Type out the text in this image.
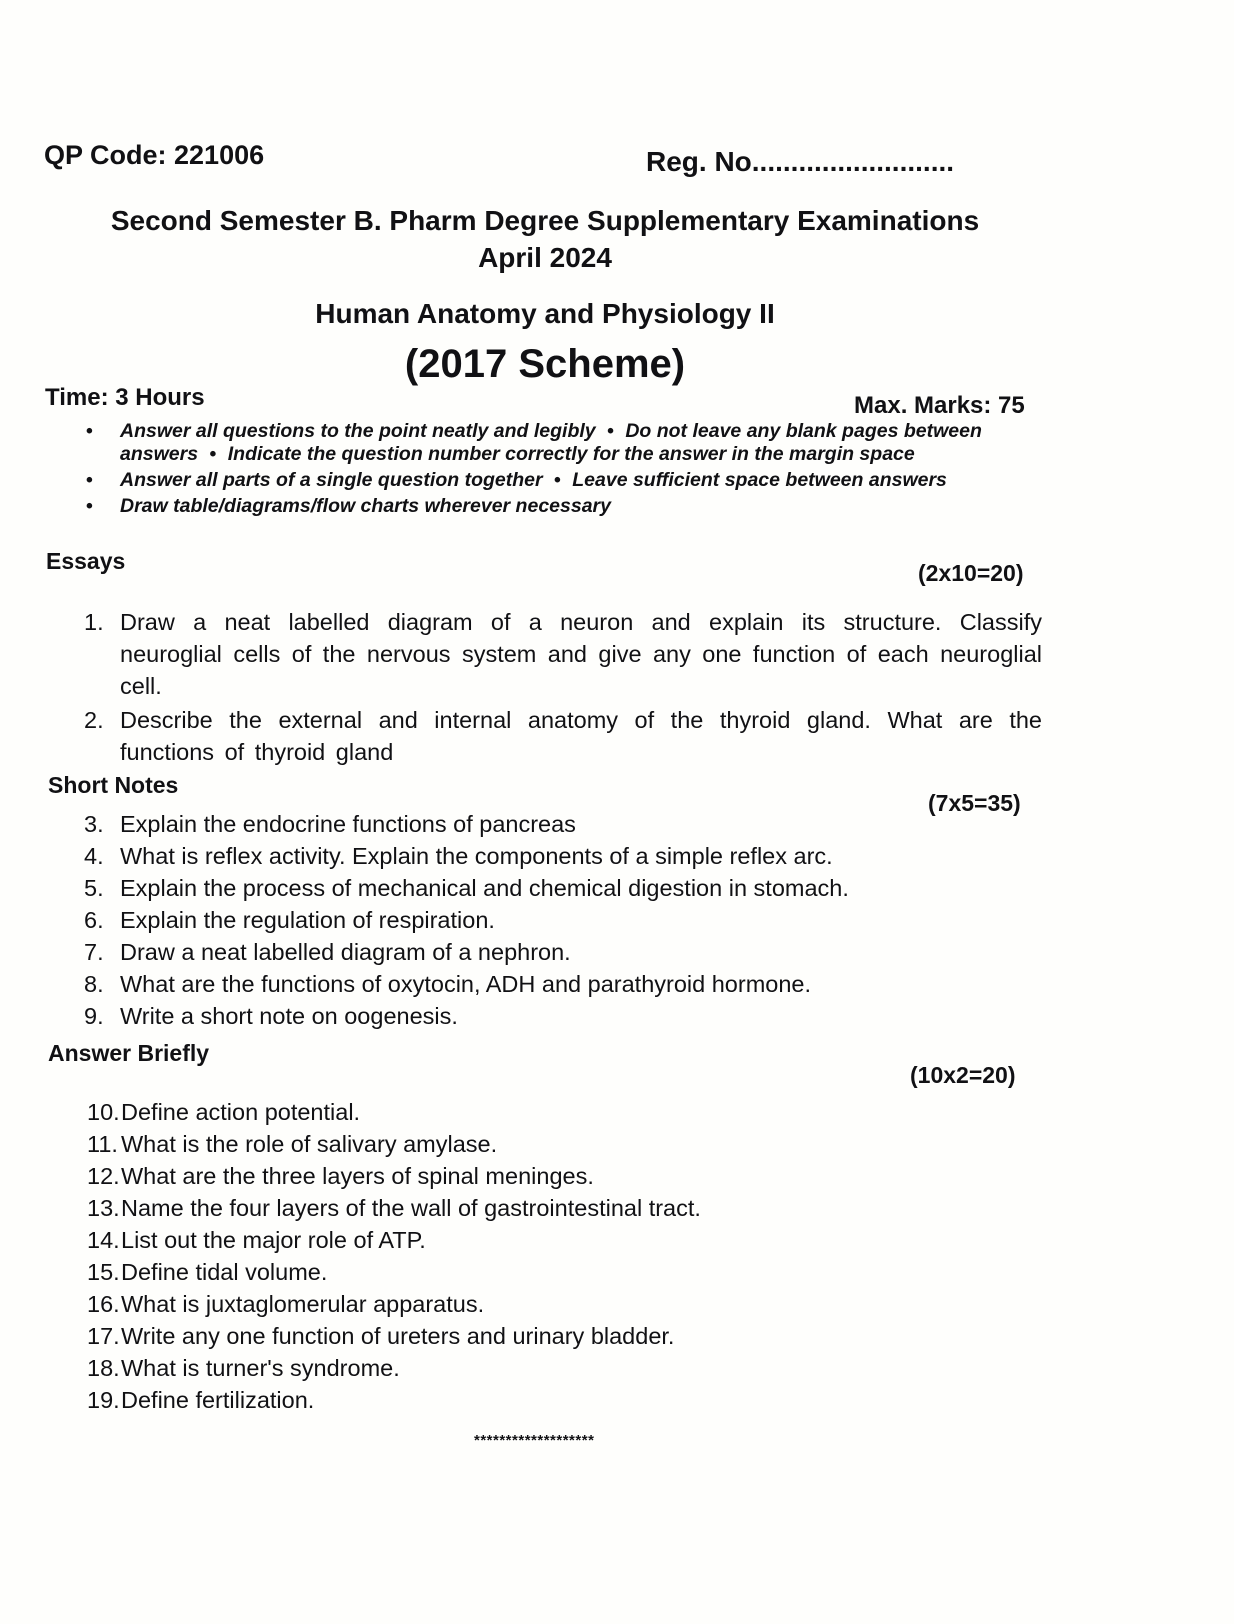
QP Code: 221006	Reg. No..........................
Second Semester B. Pharm Degree Supplementary Examinations
April 2024
Human Anatomy and Physiology II
(2017 Scheme)
Time: 3 Hours	Max. Marks: 75
• Answer all questions to the point neatly and legibly • Do not leave any blank pages between answers • Indicate the question number correctly for the answer in the margin space
• Answer all parts of a single question together • Leave sufficient space between answers
• Draw table/diagrams/flow charts wherever necessary
Essays	(2x10=20)
1. Draw a neat labelled diagram of a neuron and explain its structure. Classify neuroglial cells of the nervous system and give any one function of each neuroglial cell.
2. Describe the external and internal anatomy of the thyroid gland. What are the functions of thyroid gland
Short Notes
(7x5=35)
3. Explain the endocrine functions of pancreas
4. What is reflex activity. Explain the components of a simple reflex arc.
5. Explain the process of mechanical and chemical digestion in stomach.
6. Explain the regulation of respiration.
7. Draw a neat labelled diagram of a nephron.
8. What are the functions of oxytocin, ADH and parathyroid hormone.
9. Write a short note on oogenesis.
Answer Briefly
(10x2=20)
10. Define action potential.
11. What is the role of salivary amylase.
12. What are the three layers of spinal meninges.
13. Name the four layers of the wall of gastrointestinal tract.
14. List out the major role of ATP.
15. Define tidal volume.
16. What is juxtaglomerular apparatus.
17. Write any one function of ureters and urinary bladder.
18. What is turner's syndrome.
19. Define fertilization.
*******************
